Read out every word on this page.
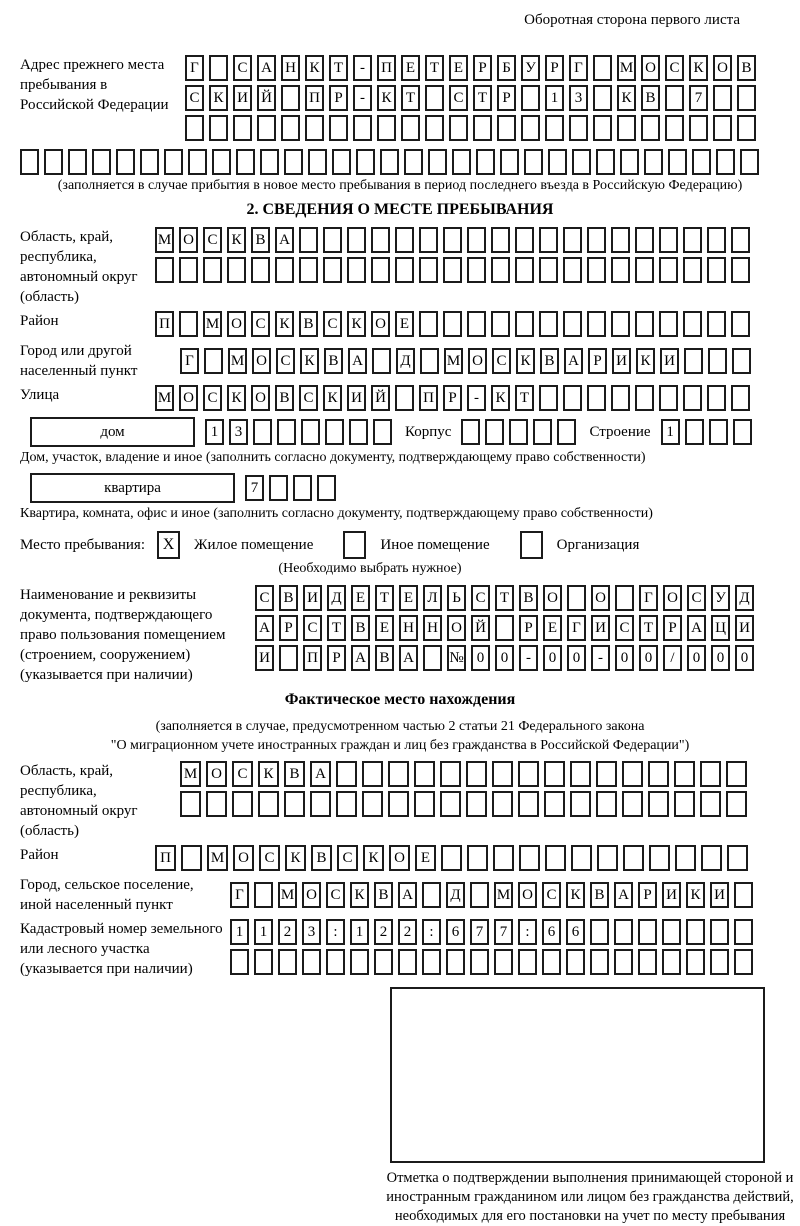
Оборотная сторона первого листа
Адрес прежнего места пребывания в Российской Федерации
Г	С А Н К Т	-	П Е Т Е	Р	Б У Р	Г	М О С К О В
С К И Й П Р	-	К Т	С Т	Р	1	3	К В	7
(заполняется в случае прибытия в новое место пребывания в период последнего въезда в Российскую Федерацию)
2. СВЕДЕНИЯ О МЕСТЕ ПРЕБЫВАНИЯ
Область, край, республика, автономный округ (область)
М О С К В А
Район	П М О С К В С К О Е
Город или другой населенный пункт
Г	М О С К В А Д М О С К В А Р И К И
Улица	М О С К О В С К И Й П Р	-	К Т
дом	1	3	Корпус	Строение	1
Дом, участок, владение и иное (заполнить согласно документу, подтверждающему право собственности)
квартира	7
Квартира, комната, офис и иное (заполнить согласно документу, подтверждающему право собственности)
Место пребывания:	X	Жилое помещение	Иное помещение	Организация
(Необходимо выбрать нужное)
Наименование и реквизиты документа, подтверждающего право пользования помещением (строением, сооружением) (указывается при наличии)
С В И Д Е Т Е Л Ь С Т В О О	Г О С У Д
А Р С Т В Е Н Н О Й	Р	Е	Г И С Т	Р А Ц И
И П Р А В А № 0	0	-	0	0	-	0	0	/	0	0	0
Фактическое место нахождения
(заполняется в случае, предусмотренном частью 2 статьи 21 Федерального закона
"О миграционном учете иностранных граждан и лиц без гражданства в Российской Федерации")
Область, край, республика, автономный округ (область)
М О	С	К	В	А
Район	П	М О	С	К	В	С	К	О	Е
Город, сельское поселение, иной населенный пункт
Г	М О С К В А Д М О С К В А Р И К И
Кадастровый номер земельного или лесного участка (указывается при наличии)
1	1	2	3	:	1	2	2	:	6	7	7	:	6	6
Отметка о подтверждении выполнения принимающей стороной и иностранным гражданином или лицом без гражданства действий, необходимых для его постановки на учет по месту пребывания
